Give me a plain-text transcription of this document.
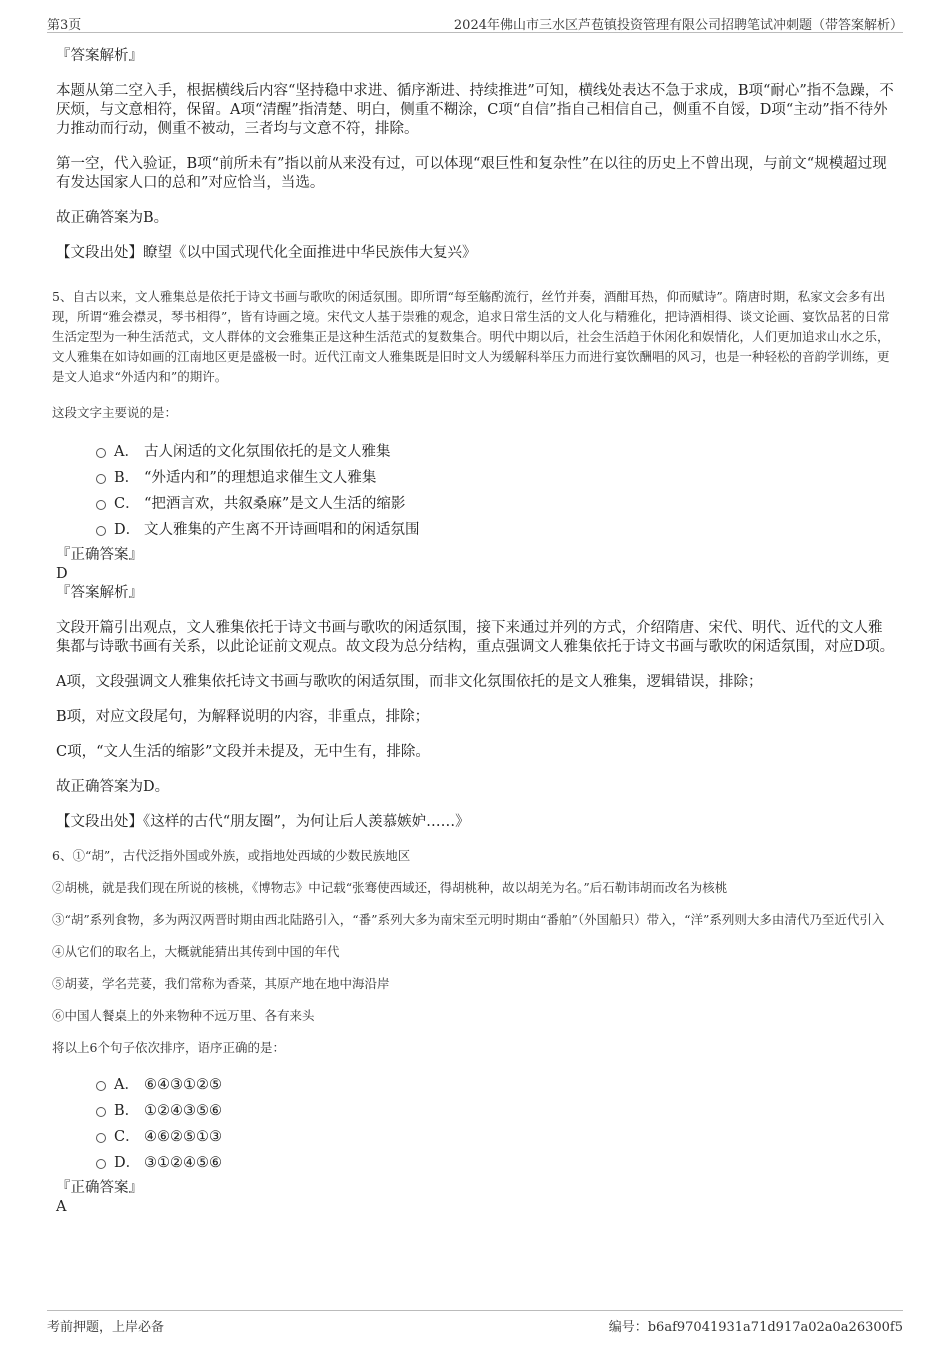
第3页	2024年佛山市三水区芦苞镇投资管理有限公司招聘笔试冲刺题（带答案解析）

『答案解析』

本题从第二空入手，根据横线后内容“坚持稳中求进、循序渐进、持续推进”可知，横线处表达不急于求成，B项“耐心”指不急躁，不厌烦，与文意相符，保留。A项“清醒”指清楚、明白，侧重不糊涂，C项“自信”指自己相信自己，侧重不自馁，D项“主动”指不待外力推动而行动，侧重不被动，三者均与文意不符，排除。

第一空，代入验证，B项“前所未有”指以前从来没有过，可以体现“艰巨性和复杂性”在以往的历史上不曾出现，与前文“规模超过现有发达国家人口的总和”对应恰当，当选。

故正确答案为B。

【文段出处】瞭望《以中国式现代化全面推进中华民族伟大复兴》

5、自古以来，文人雅集总是依托于诗文书画与歌吹的闲适氛围。即所谓“每至觞酌流行，丝竹并奏，酒酣耳热，仰而赋诗”。隋唐时期，私家文会多有出现，所谓“雅会襟灵，琴书相得”，皆有诗画之境。宋代文人基于崇雅的观念，追求日常生活的文人化与精雅化，把诗酒相得、谈文论画、宴饮品茗的日常生活定型为一种生活范式，文人群体的文会雅集正是这种生活范式的复数集合。明代中期以后，社会生活趋于休闲化和娱情化，人们更加追求山水之乐，文人雅集在如诗如画的江南地区更是盛极一时。近代江南文人雅集既是旧时文人为缓解科举压力而进行宴饮酬唱的风习，也是一种轻松的音韵学训练，更是文人追求“外适内和”的期许。

这段文字主要说的是：

A． 古人闲适的文化氛围依托的是文人雅集
B． “外适内和”的理想追求催生文人雅集
C． “把酒言欢，共叙桑麻”是文人生活的缩影
D． 文人雅集的产生离不开诗画唱和的闲适氛围

『正确答案』

D

『答案解析』

文段开篇引出观点，文人雅集依托于诗文书画与歌吹的闲适氛围，接下来通过并列的方式，介绍隋唐、宋代、明代、近代的文人雅集都与诗歌书画有关系，以此论证前文观点。故文段为总分结构，重点强调文人雅集依托于诗文书画与歌吹的闲适氛围，对应D项。

A项，文段强调文人雅集依托诗文书画与歌吹的闲适氛围，而非文化氛围依托的是文人雅集，逻辑错误，排除；

B项，对应文段尾句，为解释说明的内容，非重点，排除；

C项，“文人生活的缩影”文段并未提及，无中生有，排除。

故正确答案为D。

【文段出处】《这样的古代“朋友圈”，为何让后人羡慕嫉妒……》

6、①“胡”，古代泛指外国或外族，或指地处西域的少数民族地区

②胡桃，就是我们现在所说的核桃，《博物志》中记载“张骞使西域还，得胡桃种，故以胡羌为名。”后石勒讳胡而改名为核桃

③“胡”系列食物，多为两汉两晋时期由西北陆路引入，“番”系列大多为南宋至元明时期由“番舶”（外国船只）带入，“洋”系列则大多由清代乃至近代引入

④从它们的取名上，大概就能猜出其传到中国的年代

⑤胡荽，学名芫荽，我们常称为香菜，其原产地在地中海沿岸

⑥中国人餐桌上的外来物种不远万里、各有来头

将以上6个句子依次排序，语序正确的是：

A． ⑥④③①②⑤
B． ①②④③⑤⑥
C． ④⑥②⑤①③
D． ③①②④⑤⑥

『正确答案』

A

考前押题，上岸必备	编号：b6af97041931a71d917a02a0a26300f5
